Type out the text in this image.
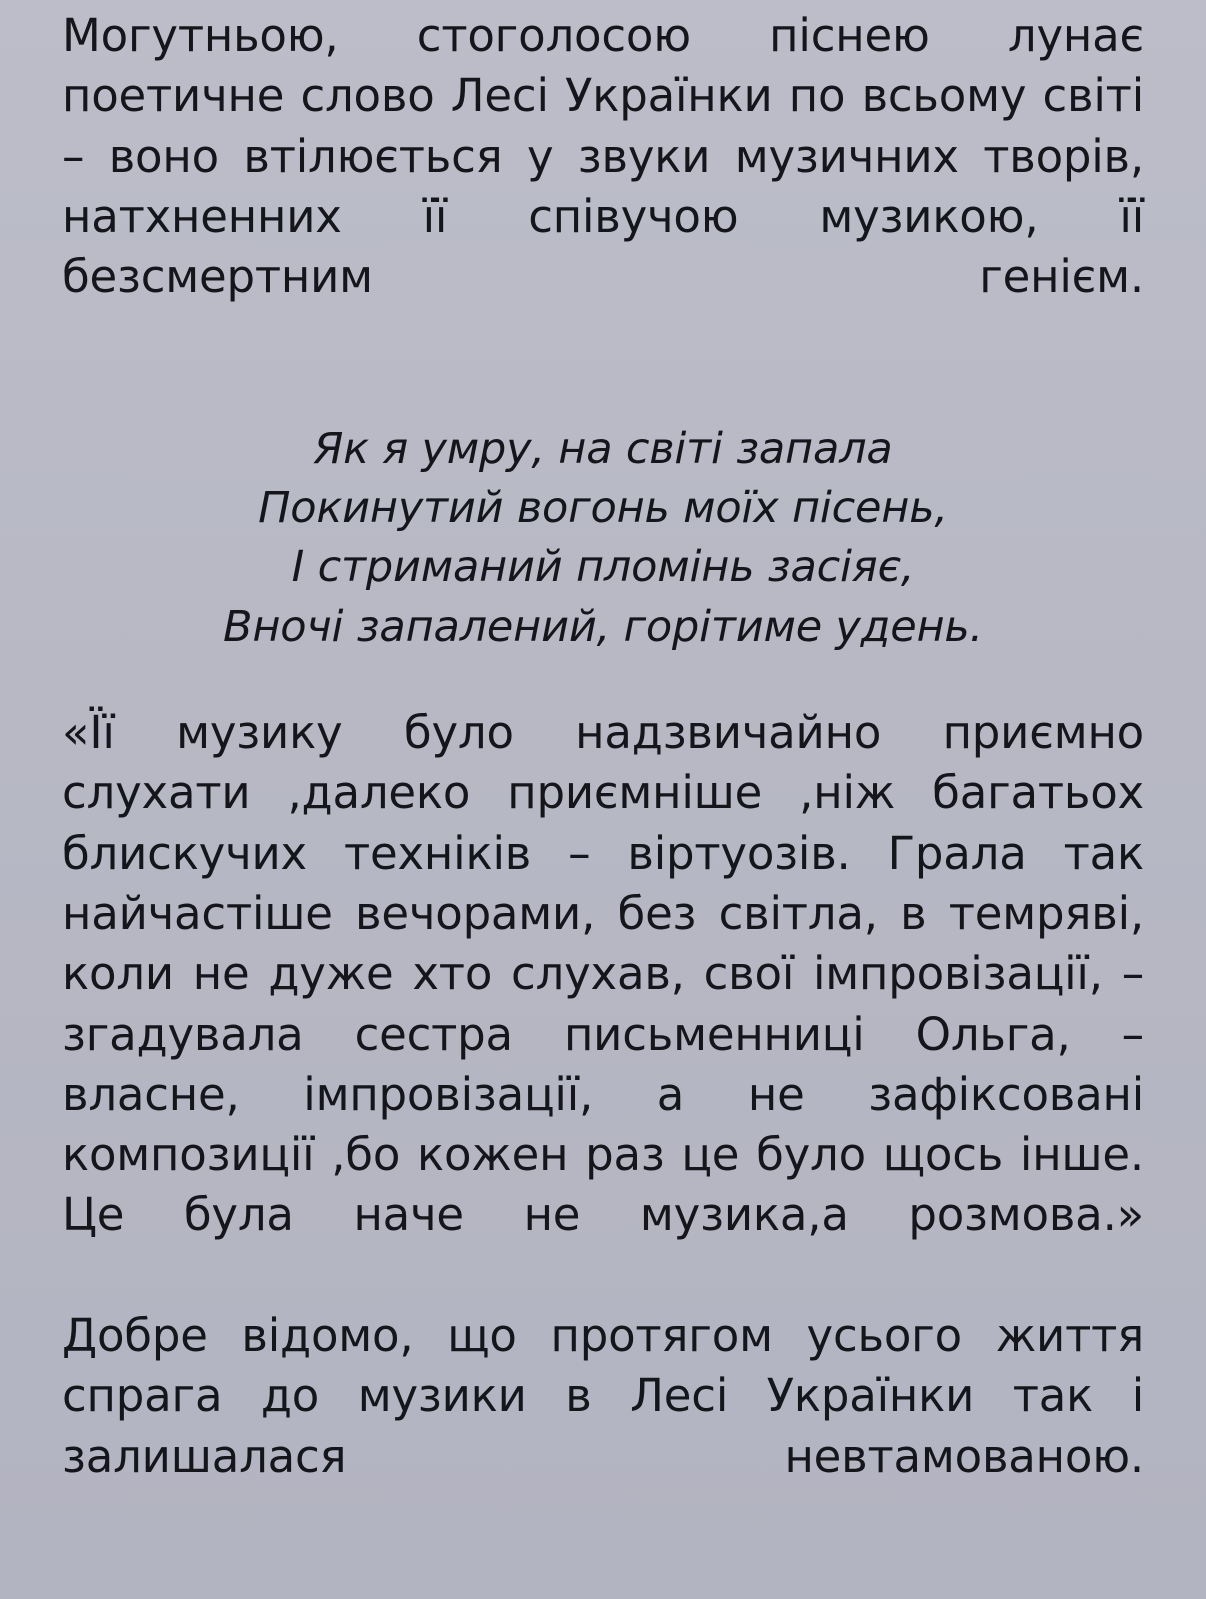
Могутньою, стоголосою піснею лунає поетичне слово Лесі Українки по всьому світі – воно втілюється у звуки музичних творів, натхненних її співучою музикою, її безсмертним генієм.

Як я умру, на світі запала
Покинутий вогонь моїх пісень,
І стриманий пломінь засіяє,
Вночі запалений, горітиме удень.

«Її музику було надзвичайно приємно слухати ,далеко приємніше ,ніж багатьох блискучих техніків – віртуозів. Грала так найчастіше вечорами, без світла, в темряві, коли не дуже хто слухав, свої імпровізації, – згадувала сестра письменниці Ольга, – власне, імпровізації, а не зафіксовані композиції ,бо кожен раз це було щось інше. Це була наче не музика,а розмова.»

Добре відомо, що протягом усього життя спрага до музики в Лесі Українки так і залишалася невтамованою.
